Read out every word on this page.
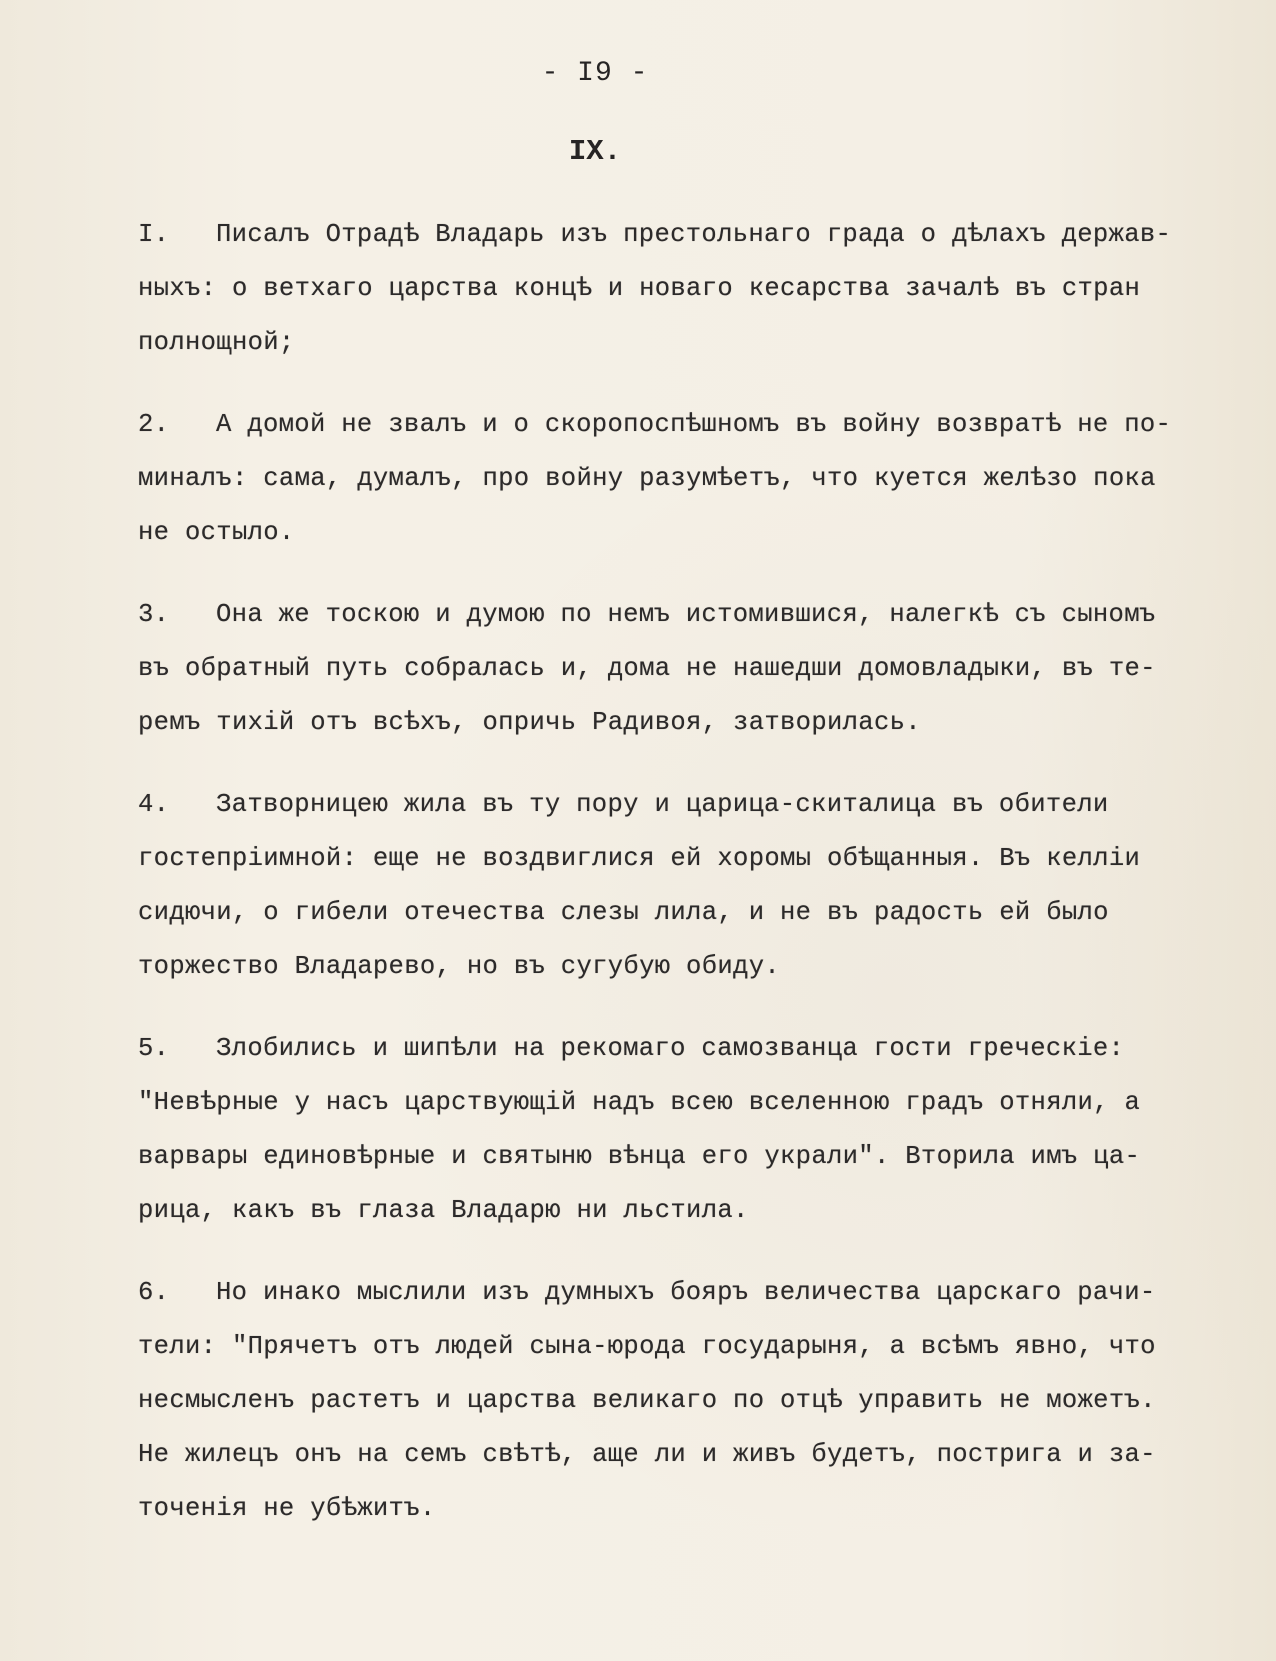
- I9 -
IX.
I. Писалъ Отрадѣ Владарь изъ престольнаго града о дѣлахъ держав-
ныхъ: о ветхаго царства концѣ и новаго кесарства зачалѣ въ стран
полнощной;
2. А домой не звалъ и о скоропоспѣшномъ въ войну возвратѣ не по-
миналъ: сама, думалъ, про войну разумѣетъ, что куется желѣзо пока
не остыло.
3. Она же тоскою и думою по немъ истомившися, налегкѣ съ сыномъ
въ обратный путь собралась и, дома не нашедши домовладыки, въ те-
ремъ тихій отъ всѣхъ, опричь Радивоя, затворилась.
4. Затворницею жила въ ту пору и царица-скиталица въ обители
гостепріимной: еще не воздвиглися ей хоромы обѣщанныя. Въ келліи
сидючи, о гибели отечества слезы лила, и не въ радость ей было
торжество Владарево, но въ сугубую обиду.
5. Злобились и шипѣли на рекомаго самозванца гости греческіе:
"Невѣрные у насъ царствующій надъ всею вселенною градъ отняли, а
варвары единовѣрные и святыню вѣнца его украли". Вторила имъ ца-
рица, какъ въ глаза Владарю ни льстила.
6. Но инако мыслили изъ думныхъ бояръ величества царскаго рачи-
тели: "Прячетъ отъ людей сына-юрода государыня, а всѣмъ явно, что
несмысленъ растетъ и царства великаго по отцѣ управить не можетъ.
Не жилецъ онъ на семъ свѣтѣ, аще ли и живъ будетъ, пострига и за-
точенія не убѣжитъ.
